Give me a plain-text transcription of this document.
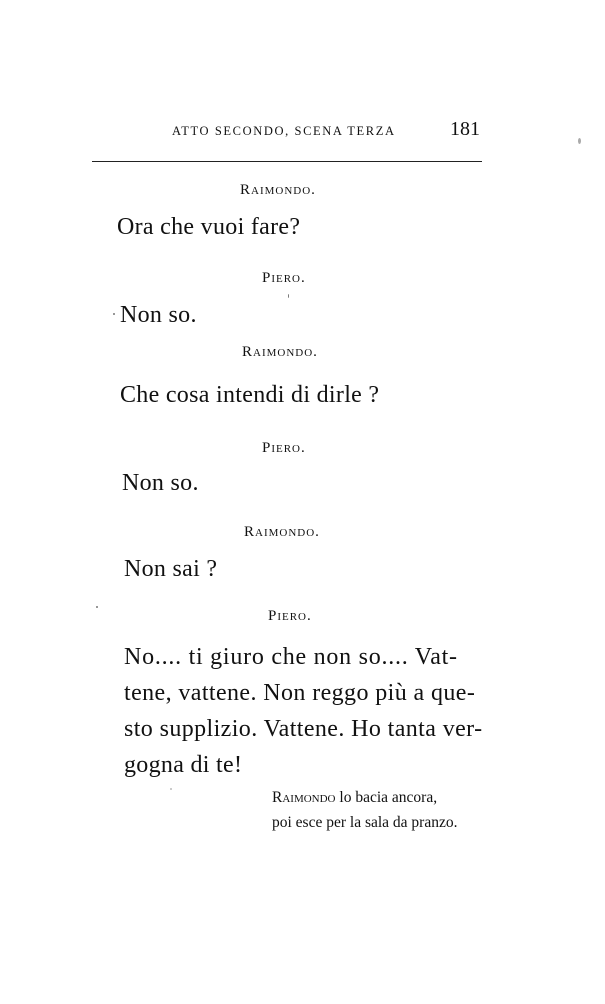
ATTO SECONDO, SCENA TERZA	181
Raimondo.
Ora che vuoi fare?
Piero.
Non so.
Raimondo.
Che cosa intendi di dirle ?
Piero.
Non so.
Raimondo.
Non sai ?
Piero.
No.... ti giuro che non so.... Vat-
tene, vattene. Non reggo più a que-
sto supplizio. Vattene. Ho tanta ver-
gogna di te!
Raimondo lo bacia ancora,
poi esce per la sala da pranzo.
